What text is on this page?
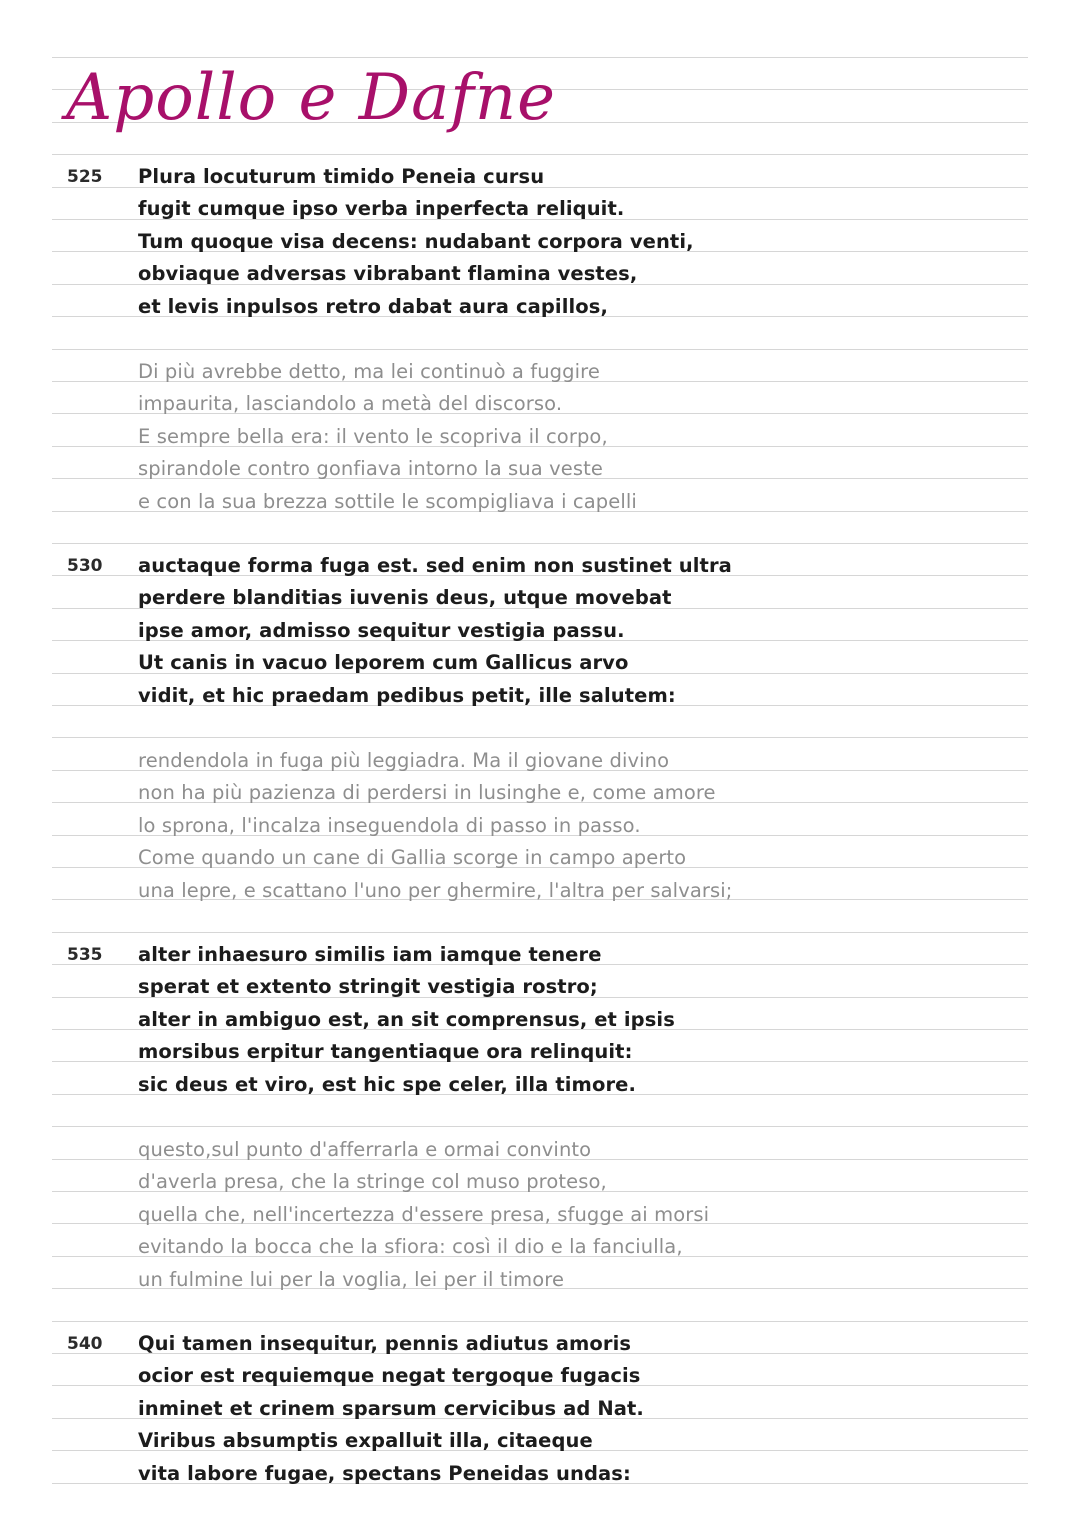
Apollo e Dafne
525 Plura locuturum timido Peneia cursu
fugit cumque ipso verba inperfecta reliquit.
Tum quoque visa decens: nudabant corpora venti,
obviaque adversas vibrabant flamina vestes,
et levis inpulsos retro dabat aura capillos,
Di più avrebbe detto, ma lei continuò a fuggire
impaurita, lasciandolo a metà del discorso.
E sempre bella era: il vento le scopriva il corpo,
spirandole contro gonfiava intorno la sua veste
e con la sua brezza sottile le scompigliava i capelli
530 auctaque forma fuga est. sed enim non sustinet ultra
perdere blanditias iuvenis deus, utque movebat
ipse amor, admisso sequitur vestigia passu.
Ut canis in vacuo leporem cum Gallicus arvo
vidit, et hic praedam pedibus petit, ille salutem:
rendendola in fuga più leggiadra. Ma il giovane divino
non ha più pazienza di perdersi in lusinghe e, come amore
lo sprona, l'incalza inseguendola di passo in passo.
Come quando un cane di Gallia scorge in campo aperto
una lepre, e scattano l'uno per ghermire, l'altra per salvarsi;
535 alter inhaesuro similis iam iamque tenere
sperat et extento stringit vestigia rostro;
alter in ambiguo est, an sit comprensus, et ipsis
morsibus erpitur tangentiaque ora relinquit:
sic deus et viro, est hic spe celer, illa timore.
questo,sul punto d'afferrarla e ormai convinto
d'averla presa, che la stringe col muso proteso,
quella che, nell'incertezza d'essere presa, sfugge ai morsi
evitando la bocca che la sfiora: così il dio e la fanciulla,
un fulmine lui per la voglia, lei per il timore
540 Qui tamen insequitur, pennis adiutus amoris
ocior est requiemque negat tergoque fugacis
inminet et crinem sparsum cervicibus ad Nat.
Viribus absumptis expalluit illa, citaeque
vita labore fugae, spectans Peneidas undas:
